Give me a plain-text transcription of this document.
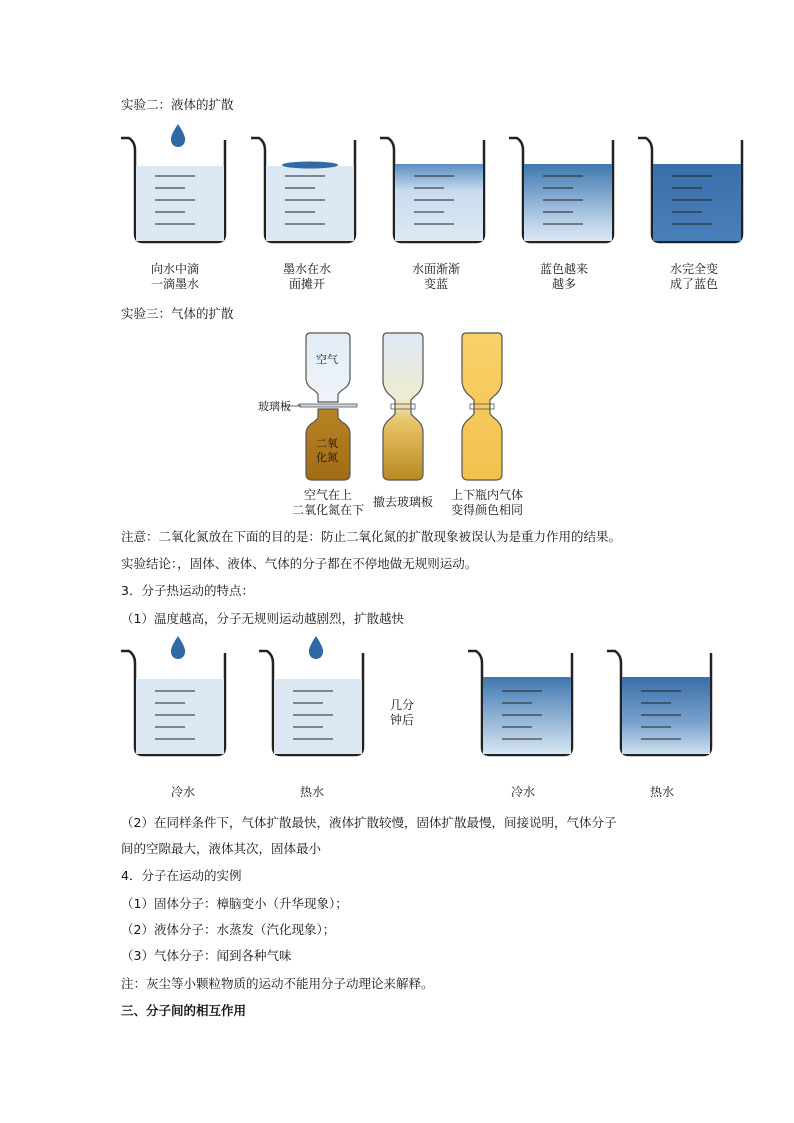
实验二：液体的扩散
向水中滴
一滴墨水
墨水在水
面摊开
水面渐渐
变蓝
蓝色越来
越多
水完全变
成了蓝色
实验三：气体的扩散
空气在上
二氧化氮在下
撤去玻璃板	上下瓶内气体
变得颜色相同
注意：二氧化氮放在下面的目的是：防止二氧化氮的扩散现象被误认为是重力作用的结果。
实验结论：，固体、液体、气体的分子都在不停地做无规则运动。
3．分子热运动的特点：
（1）温度越高，分子无规则运动越剧烈，扩散越快
几分
钟后
冷水	热水	冷水	热水
（2）在同样条件下，气体扩散最快，液体扩散较慢，固体扩散最慢，间接说明，气体分子
间的空隙最大，液体其次，固体最小
4．分子在运动的实例
（1）固体分子：樟脑变小（升华现象）；
（2）液体分子：水蒸发（汽化现象）；
（3）气体分子：闻到各种气味
注：灰尘等小颗粒物质的运动不能用分子动理论来解释。
三、分子间的相互作用
空气
二氧
化氮
玻璃板
